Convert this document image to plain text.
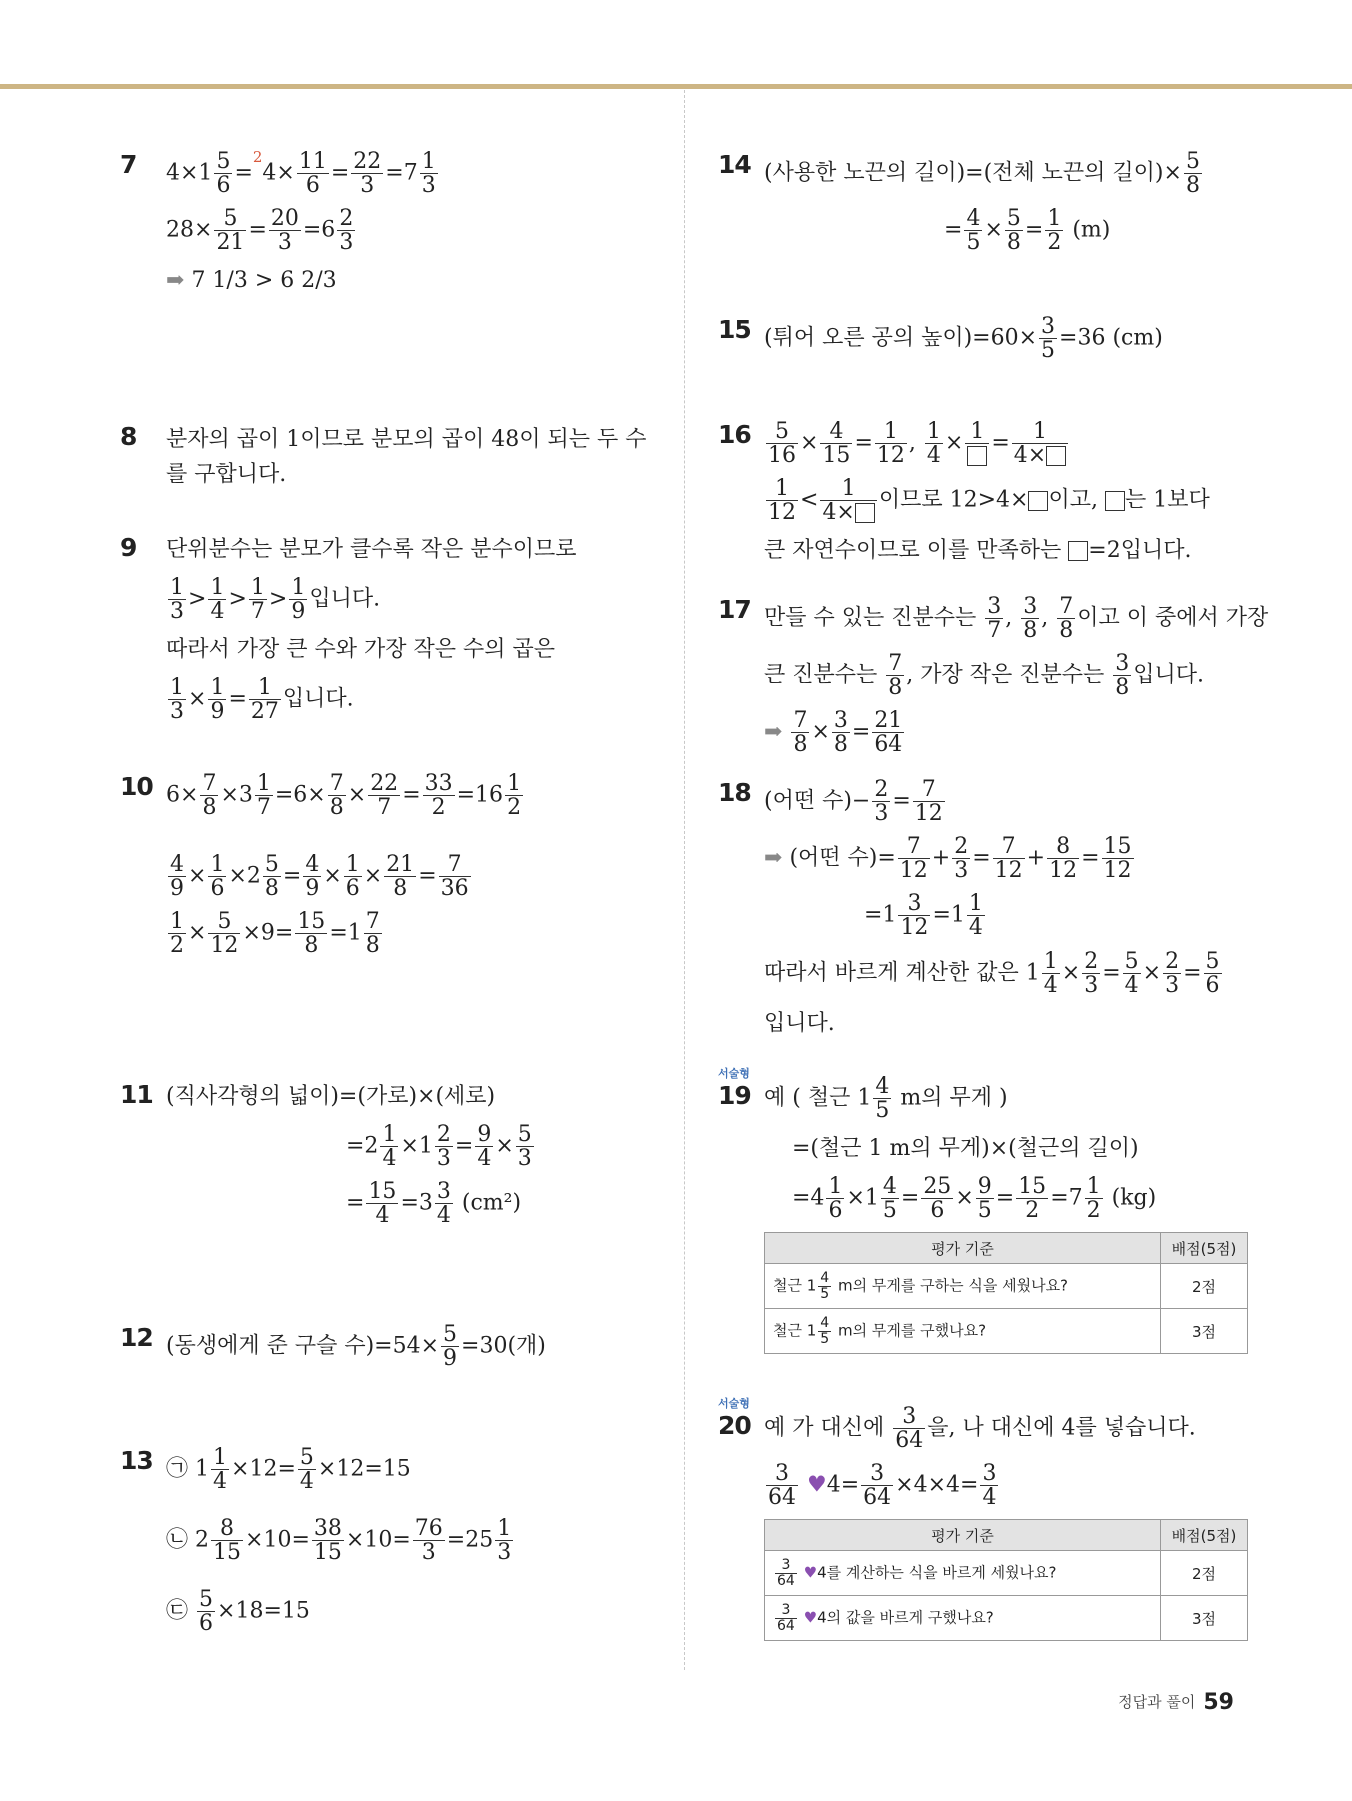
7 $4\times 1 \frac{5}{6} =^24\times \frac{11}{6} = \frac{22}{3} =7 \frac{1}{3}$
$28\times \frac{5}{21} = \frac{20}{3} =6 \frac{2}{3}$
➡ 7 1/3 > 6 2/3
8 분자의 곱이 1이므로 분모의 곱이 48이 되는 두 수를 구합니다.
9 단위분수는 분모가 클수록 작은 분수이므로
$\frac{1}{3} > \frac{1}{4} > \frac{1}{7} > \frac{1}{9}$ 입니다.
따라서 가장 큰 수와 가장 작은 수의 곱은
$\frac{1}{3} \times \frac{1}{9} = \frac{1}{27}$ 입니다.
10 $6\times \frac{7}{8} \times 3 \frac{1}{7} =6\times \frac{7}{8} \times \frac{22}{7} = \frac{33}{2} =16 \frac{1}{2}$
$\frac{4}{9} \times \frac{1}{6} \times 2 \frac{5}{8} = \frac{4}{9} \times \frac{1}{6} \times \frac{21}{8} = \frac{7}{36}$
$\frac{1}{2} \times \frac{5}{12} \times 9= \frac{15}{8} =1 \frac{7}{8}$
11 (직사각형의 넓이)=(가로)×(세로)
$=2 \frac{1}{4} \times 1 \frac{2}{3} = \frac{9}{4} \times \frac{5}{3}$
= $\frac{15}{4} =3 \frac{3}{4} (cm^2)$
12 (동생에게 준 구슬 수)$=54\times \frac{5}{9} =30$(개)
13 ㉠ $1 \frac{1}{4} \times 12= \frac{5}{4} \times 12=15$
㉡ $2 \frac{8}{15} \times 10= \frac{38}{15} \times 10= \frac{76}{3} =25 \frac{1}{3}$
㉢ $\frac{5}{6} \times 18=15$
14 (사용한 노끈의 길이)=(전체 노끈의 길이)× $\frac{5}{8}$
= $\frac{4}{5} \times \frac{5}{8} = \frac{1}{2} (m)$
15 (튀어 오른 공의 높이)$=60\times \frac{3}{5} =36$ (cm)
$16 \frac{5}{16} \times \frac{4}{15} = \frac{1}{12}$ , $\frac{1}{4} \times 1 = \frac{1}{4\times}$
$\frac{1}{12} < \frac{1}{4\times}$ 이므로 12>4× 이고, 는 1보다
큰 자연수이므로 이를 만족하는 =2입니다.
17 만들 수 있는 진분수는 $\frac{3}{7}$ , $\frac{3}{8}$ , $\frac{7}{8}$ 이고 이 중에서 가장
큰 진분수는 $\frac{7}{8}$ , 가장 작은 진분수는 $\frac{3}{8}$ 입니다.
➡ $\frac{7}{8} \times \frac{3}{8} = \frac{21}{64}$
18 (어떤 수)− $\frac{2}{3} = \frac{7}{12}$
➡ (어떤 수)= $\frac{7}{12} + \frac{2}{3} = \frac{7}{12} + \frac{8}{12} = \frac{15}{12}$
$=1 \frac{3}{12} =1 \frac{1}{4}$
따라서 바르게 계산한 값은 $1 \frac{1}{4} \times \frac{2}{3} = \frac{5}{4} \times \frac{2}{3} = \frac{5}{6}$
입니다.
서술형
19 예 ( 철근 $1 \frac{4}{5}$ m의 무게 )
=(철근 1 m의 무게)×(철근의 길이)
$=4 \frac{1}{6} \times 1 \frac{4}{5} = \frac{25}{6} \times \frac{9}{5} = \frac{15}{2} =7 \frac{1}{2} (kg)$
평가 기준	배점(5점)
철근 $1 \frac{4}{5}$ m의 무게를 구하는 식을 세웠나요?	2점
철근 $1 \frac{4}{5}$ m의 무게를 구했나요?	3점
서술형
20 예 가 대신에 $\frac{3}{64}$ 을, 나 대신에 4를 넣습니다.
$\frac{3}{64}$ ♥4= $\frac{3}{64} \times 4\times 4= \frac{3}{4}$
평가 기준	배점(5점)

$\frac{3}{64}$ ♥4를 계산하는 식을 바르게 세웠나요?	2점

$\frac{3}{64}$ ♥4의 값을 바르게 구했나요?	3점
정답과 풀이 59
